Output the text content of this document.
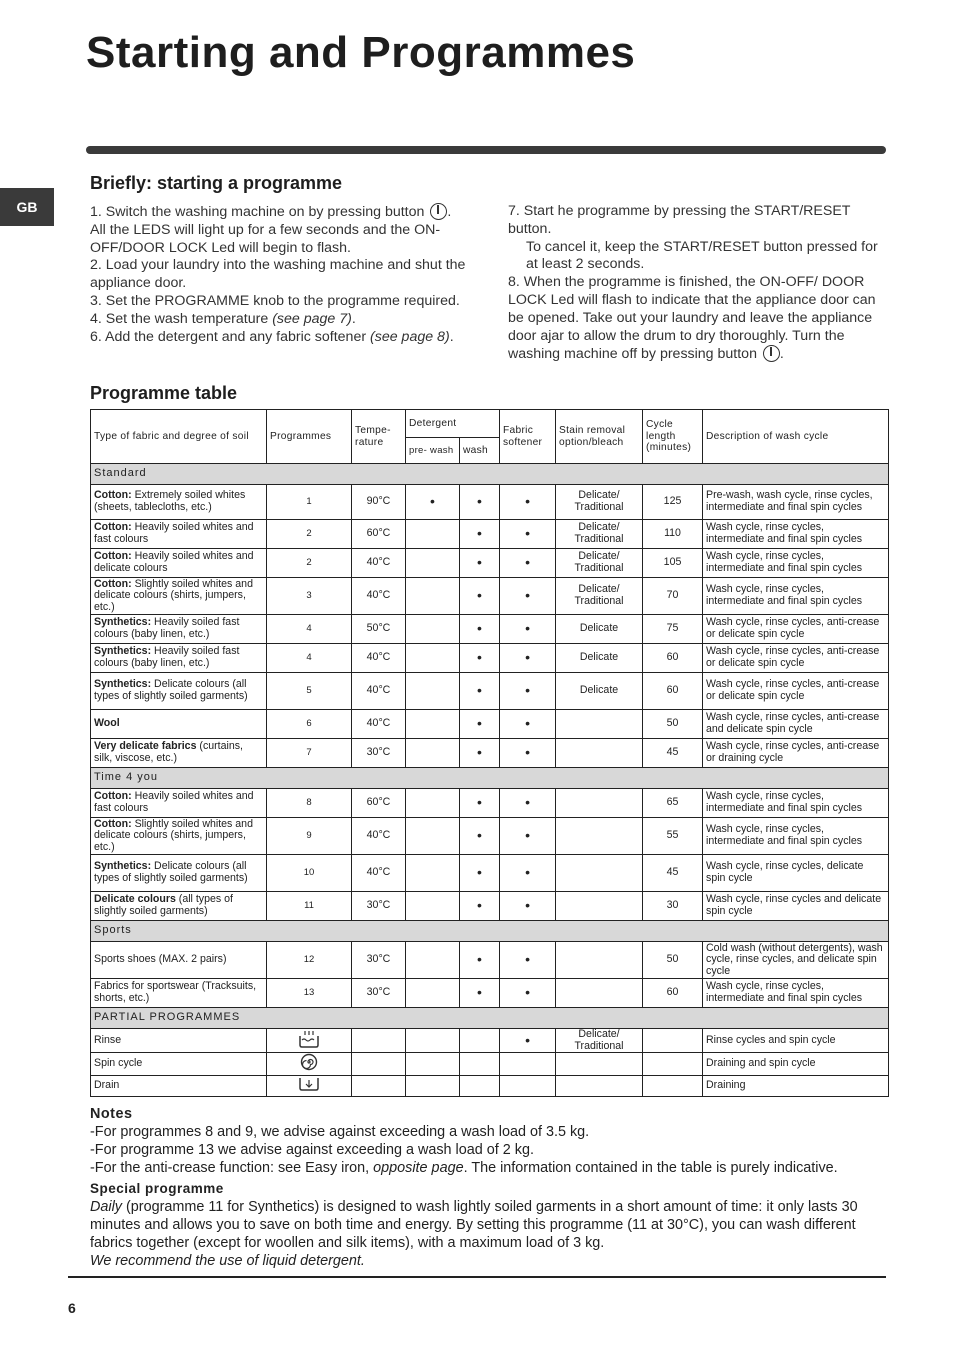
Starting and Programmes
GB
Briefly: starting a programme

1. Switch the washing machine on by pressing button .
All the LEDS will light up for a few seconds and the ON-OFF/DOOR LOCK Led will begin to flash.

2. Load your laundry into the washing machine and shut the appliance door.

3. Set the PROGRAMME knob to the programme required.

4. Set the wash temperature (see page 7).

6. Add the detergent and any fabric softener (see page 8).

7. Start he programme by pressing the START/RESET button.

To cancel it, keep the START/RESET button pressed for at least 2 seconds.

8. When the programme is finished, the ON-OFF/ DOOR LOCK Led will flash to indicate that the appliance door can be opened. Take out your laundry and leave the appliance door ajar to allow the drum to dry thoroughly. Turn the washing machine off by pressing button .

Programme table
Type of fabric and degree of soil	Programmes	Tempe- rature	Detergent		Fabric softener	Stain removal option/bleach	Cycle length (minutes)	Description of wash cycle
			pre- wash	wash				
Standard								
Cotton: Extremely soiled whites (sheets, tablecloths, etc.)	1	90°C	•	•	•	Delicate/ Traditional	125	Pre-wash, wash cycle, rinse cycles, intermediate and final spin cycles
Cotton: Heavily soiled whites and fast colours	2	60°C		•	•	Delicate/ Traditional	110	Wash cycle, rinse cycles, intermediate and final spin cycles
Cotton: Heavily soiled whites and delicate colours	2	40°C		•	•	Delicate/ Traditional	105	Wash cycle, rinse cycles, intermediate and final spin cycles
Cotton: Slightly soiled whites and delicate colours (shirts, jumpers, etc.)	3	40°C		•	•	Delicate/ Traditional	70	Wash cycle, rinse cycles, intermediate and final spin cycles
Synthetics: Heavily soiled fast colours (baby linen, etc.)	4	50°C		•	•	Delicate	75	Wash cycle, rinse cycles, anti-crease or delicate spin cycle
Synthetics: Heavily soiled fast colours (baby linen, etc.)	4	40°C		•	•	Delicate	60	Wash cycle, rinse cycles, anti-crease or delicate spin cycle
Synthetics: Delicate colours (all types of slightly soiled garments)	5	40°C		•	•	Delicate	60	Wash cycle, rinse cycles, anti-crease or delicate spin cycle
Wool	6	40°C		•	•		50	Wash cycle, rinse cycles, anti-crease and delicate spin cycle
Very delicate fabrics (curtains, silk, viscose, etc.)	7	30°C		•	•		45	Wash cycle, rinse cycles, anti-crease or draining cycle
Time 4 you								
Cotton: Heavily soiled whites and fast colours	8	60°C		•	•		65	Wash cycle, rinse cycles, intermediate and final spin cycles
Cotton: Slightly soiled whites and delicate colours (shirts, jumpers, etc.)	9	40°C		•	•		55	Wash cycle, rinse cycles, intermediate and final spin cycles
Synthetics: Delicate colours (all types of slightly soiled garments)	10	40°C		•	•		45	Wash cycle, rinse cycles, delicate spin cycle
Delicate colours (all types of slightly soiled garments)	11	30°C		•	•		30	Wash cycle, rinse cycles and delicate spin cycle
Sports								
Sports shoes (MAX. 2 pairs)	12	30°C		•	•		50	Cold wash (without detergents), wash cycle, rinse cycles, and delicate spin cycle
Fabrics for sportswear (Tracksuits, shorts, etc.)	13	30°C		•	•		60	Wash cycle, rinse cycles, intermediate and final spin cycles
PARTIAL PROGRAMMES								
Rinse					•	Delicate/ Traditional		Rinse cycles and spin cycle
Spin cycle								Draining and spin cycle
Drain								Draining

Notes

-For programmes 8 and 9, we advise against exceeding a wash load of 3.5 kg.

-For programme 13 we advise against exceeding a wash load of 2 kg.

-For the anti-crease function: see Easy iron, opposite page. The information contained in the table is purely indicative.

Special programme

Daily (programme 11 for Synthetics) is designed to wash lightly soiled garments in a short amount of time: it only lasts 30 minutes and allows you to save on both time and energy. By setting this programme (11 at 30°C), you can wash different fabrics together (except for woollen and silk items), with a maximum load of 3 kg.

We recommend the use of liquid detergent.

6
